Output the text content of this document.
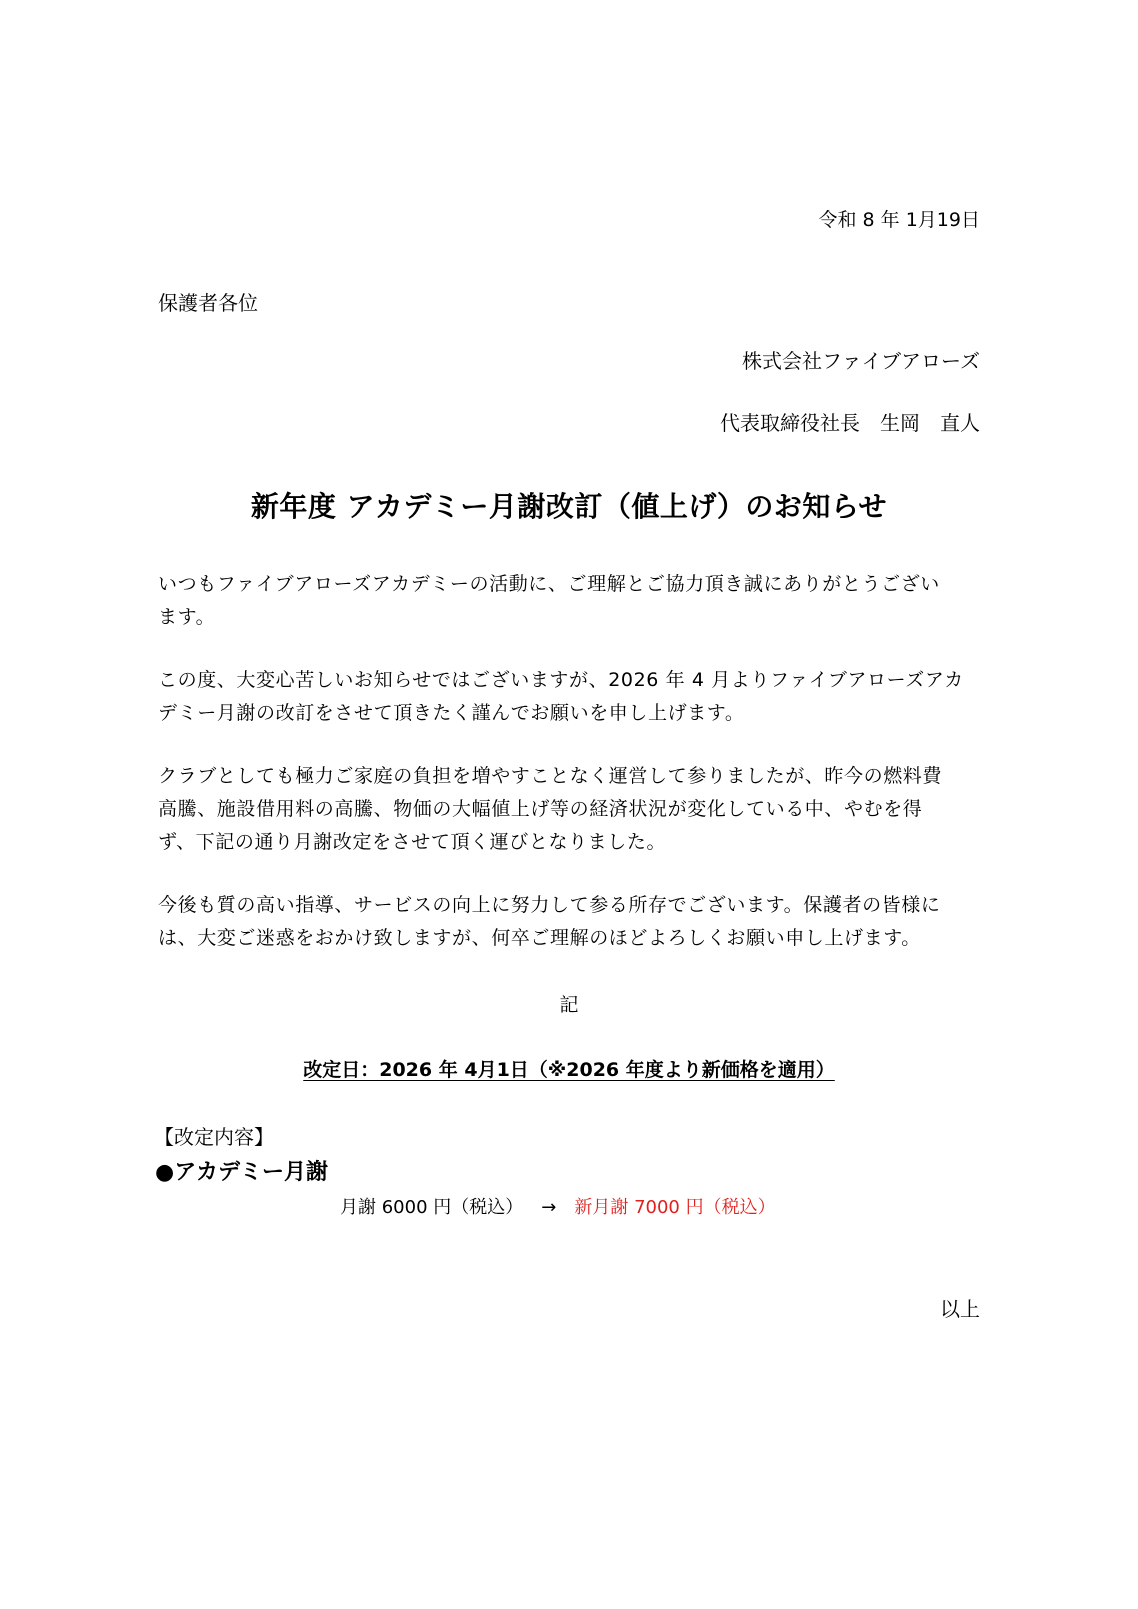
令和 8 年 1月19日
保護者各位
株式会社ファイブアローズ
代表取締役社長　生岡　直人
新年度 アカデミー月謝改訂（値上げ）のお知らせ

いつもファイブアローズアカデミーの活動に、ご理解とご協力頂き誠にありがとうござい

ます。

この度、大変心苦しいお知らせではございますが、2026 年 4 月よりファイブアローズアカ

デミー月謝の改訂をさせて頂きたく謹んでお願いを申し上げます。

クラブとしても極力ご家庭の負担を増やすことなく運営して参りましたが、昨今の燃料費

高騰、施設借用料の高騰、物価の大幅値上げ等の経済状況が変化している中、やむを得

ず、下記の通り月謝改定をさせて頂く運びとなりました。

今後も質の高い指導、サービスの向上に努力して参る所存でございます。保護者の皆様に

は、大変ご迷惑をおかけ致しますが、何卒ご理解のほどよろしくお願い申し上げます。

記
改定日：2026 年 4月1日（※2026 年度より新価格を適用）
【改定内容】
●アカデミー月謝
月謝 6000 円（税込） → 新月謝 7000 円（税込）
以上
